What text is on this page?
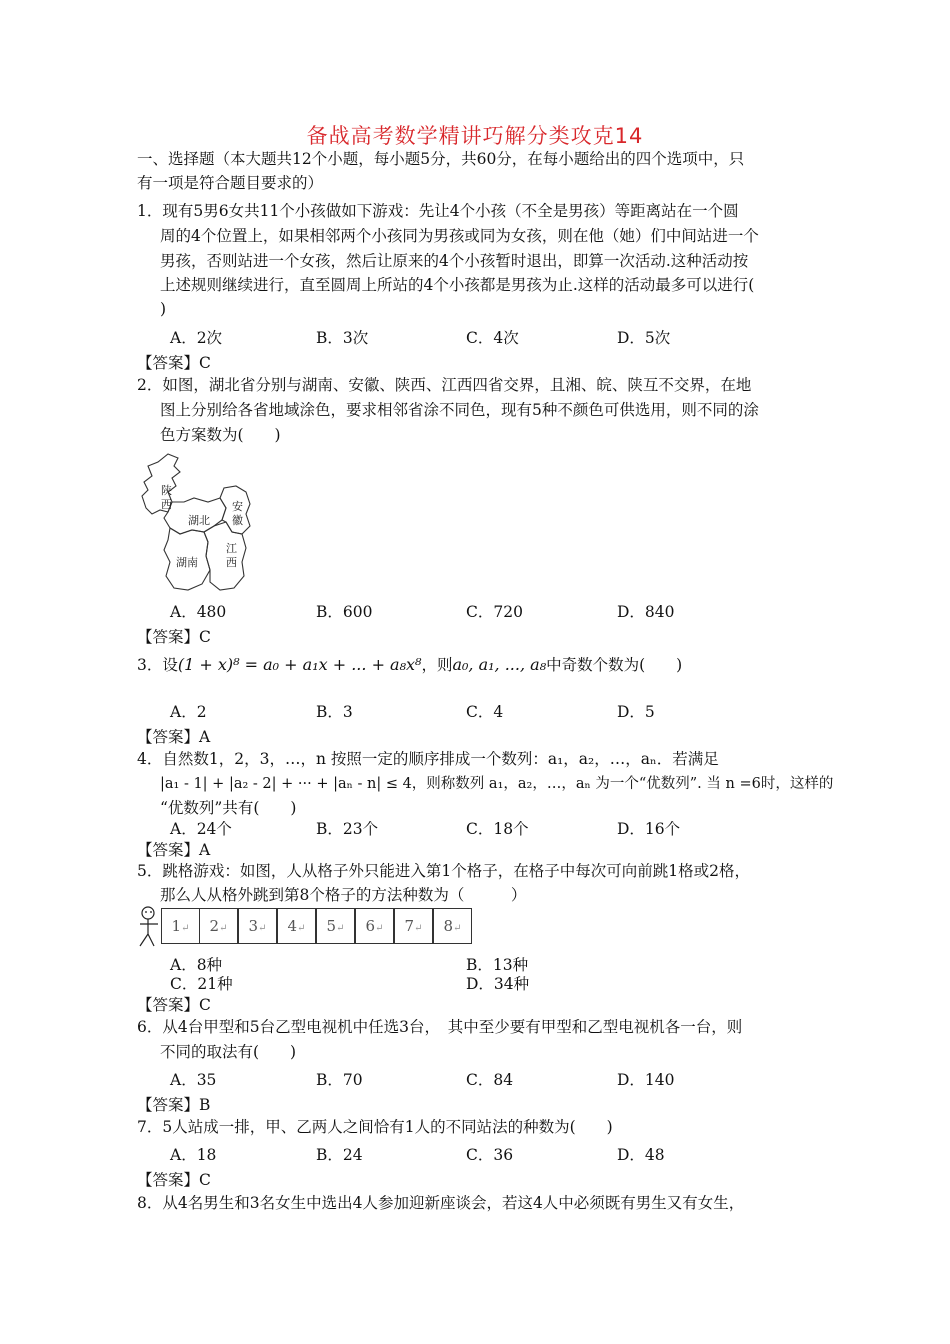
备战高考数学精讲巧解分类攻克14
一、选择题（本大题共12个小题，每小题5分，共60分，在每小题给出的四个选项中，只
有一项是符合题目要求的）
1．现有5男6女共11个小孩做如下游戏：先让4个小孩（不全是男孩）等距离站在一个圆
周的4个位置上，如果相邻两个小孩同为男孩或同为女孩，则在他（她）们中间站进一个
男孩，否则站进一个女孩，然后让原来的4个小孩暂时退出，即算一次活动.这种活动按
上述规则继续进行，直至圆周上所站的4个小孩都是男孩为止.这样的活动最多可以进行(
)
A．2次	B．3次	C．4次	D．5次
【答案】C
2．如图，湖北省分别与湖南、安徽、陕西、江西四省交界，且湘、皖、陕互不交界，在地
图上分别给各省地域涂色，要求相邻省涂不同色，现有5种不颜色可供选用，则不同的涂
色方案数为(　　)
陕
西
湖北
安
徽
湖南
江
西
A．480	B．600	C．720	D．840
【答案】C
3．设(1 + x)⁸ = a₀ + a₁x + ... + a₈x⁸，则a₀, a₁, ..., a₈中奇数个数为(　　)
A．2	B．3	C．4	D．5
【答案】A
4．自然数1，2，3，…，n 按照一定的顺序排成一个数列：a₁，a₂，…，aₙ．若满足
|a₁ - 1| + |a₂ - 2| + ··· + |aₙ - n| ≤ 4，则称数列 a₁，a₂，…，aₙ 为一个“优数列”. 当 n =6时，这样的
“优数列”共有(　　)
A．24个	B．23个	C．18个	D．16个
【答案】A
5．跳格游戏：如图，人从格子外只能进入第1个格子，在格子中每次可向前跳1格或2格，
那么人从格外跳到第8个格子的方法种数为（　　　）
1↵	2↵	3↵	4↵	5↵	6↵	7↵	8↵
A．8种	B．13种
C．21种	D．34种
【答案】C
6．从4台甲型和5台乙型电视机中任选3台，　其中至少要有甲型和乙型电视机各一台，则
不同的取法有(　　)
A．35	B．70	C．84	D．140
【答案】B
7．5人站成一排，甲、乙两人之间恰有1人的不同站法的种数为(　　)
A．18	B．24	C．36	D．48
【答案】C
8．从4名男生和3名女生中选出4人参加迎新座谈会，若这4人中必须既有男生又有女生，
